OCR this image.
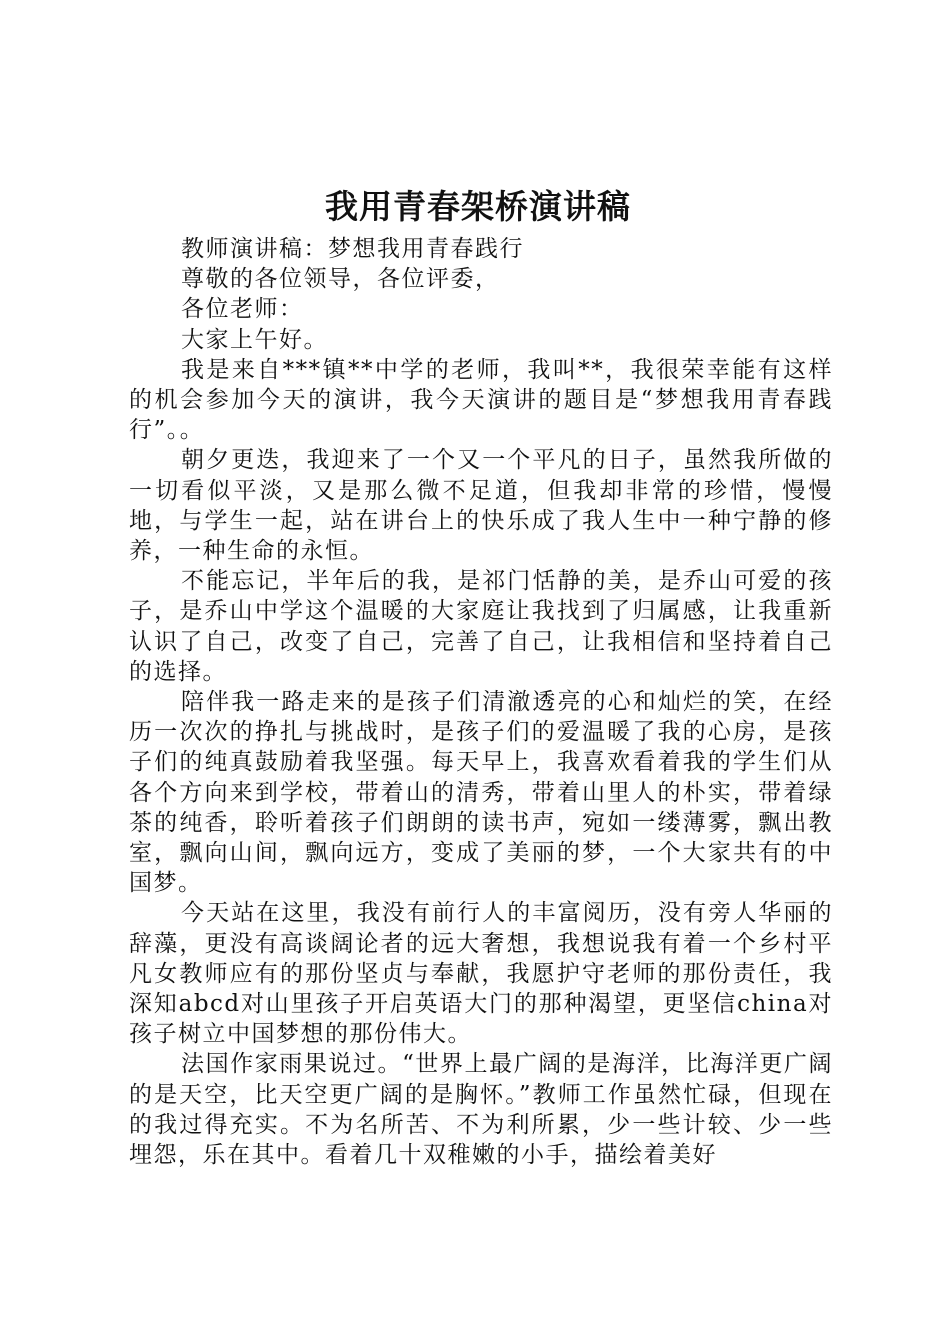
我用青春架桥演讲稿

教师演讲稿：梦想我用青春践行

尊敬的各位领导，各位评委，

各位老师：

大家上午好。

我是来自***镇**中学的老师，我叫**，我很荣幸能有这样的机会参加今天的演讲，我今天演讲的题目是“梦想我用青春践行”。。

朝夕更迭，我迎来了一个又一个平凡的日子，虽然我所做的一切看似平淡，又是那么微不足道，但我却非常的珍惜，慢慢地，与学生一起，站在讲台上的快乐成了我人生中一种宁静的修养，一种生命的永恒。

不能忘记，半年后的我，是祁门恬静的美，是乔山可爱的孩子，是乔山中学这个温暖的大家庭让我找到了归属感，让我重新认识了自己，改变了自己，完善了自己，让我相信和坚持着自己的选择。

陪伴我一路走来的是孩子们清澈透亮的心和灿烂的笑，在经历一次次的挣扎与挑战时，是孩子们的爱温暖了我的心房，是孩子们的纯真鼓励着我坚强。每天早上，我喜欢看着我的学生们从各个方向来到学校，带着山的清秀，带着山里人的朴实，带着绿茶的纯香，聆听着孩子们朗朗的读书声，宛如一缕薄雾，飘出教室，飘向山间，飘向远方，变成了美丽的梦，一个大家共有的中国梦。

今天站在这里，我没有前行人的丰富阅历，没有旁人华丽的辞藻，更没有高谈阔论者的远大奢想，我想说我有着一个乡村平凡女教师应有的那份坚贞与奉献，我愿护守老师的那份责任，我深知abcd对山里孩子开启英语大门的那种渴望，更坚信china对孩子树立中国梦想的那份伟大。

法国作家雨果说过。“世界上最广阔的是海洋，比海洋更广阔的是天空，比天空更广阔的是胸怀。”教师工作虽然忙碌，但现在的我过得充实。不为名所苦、不为利所累，少一些计较、少一些埋怨，乐在其中。看着几十双稚嫩的小手，描绘着美好
